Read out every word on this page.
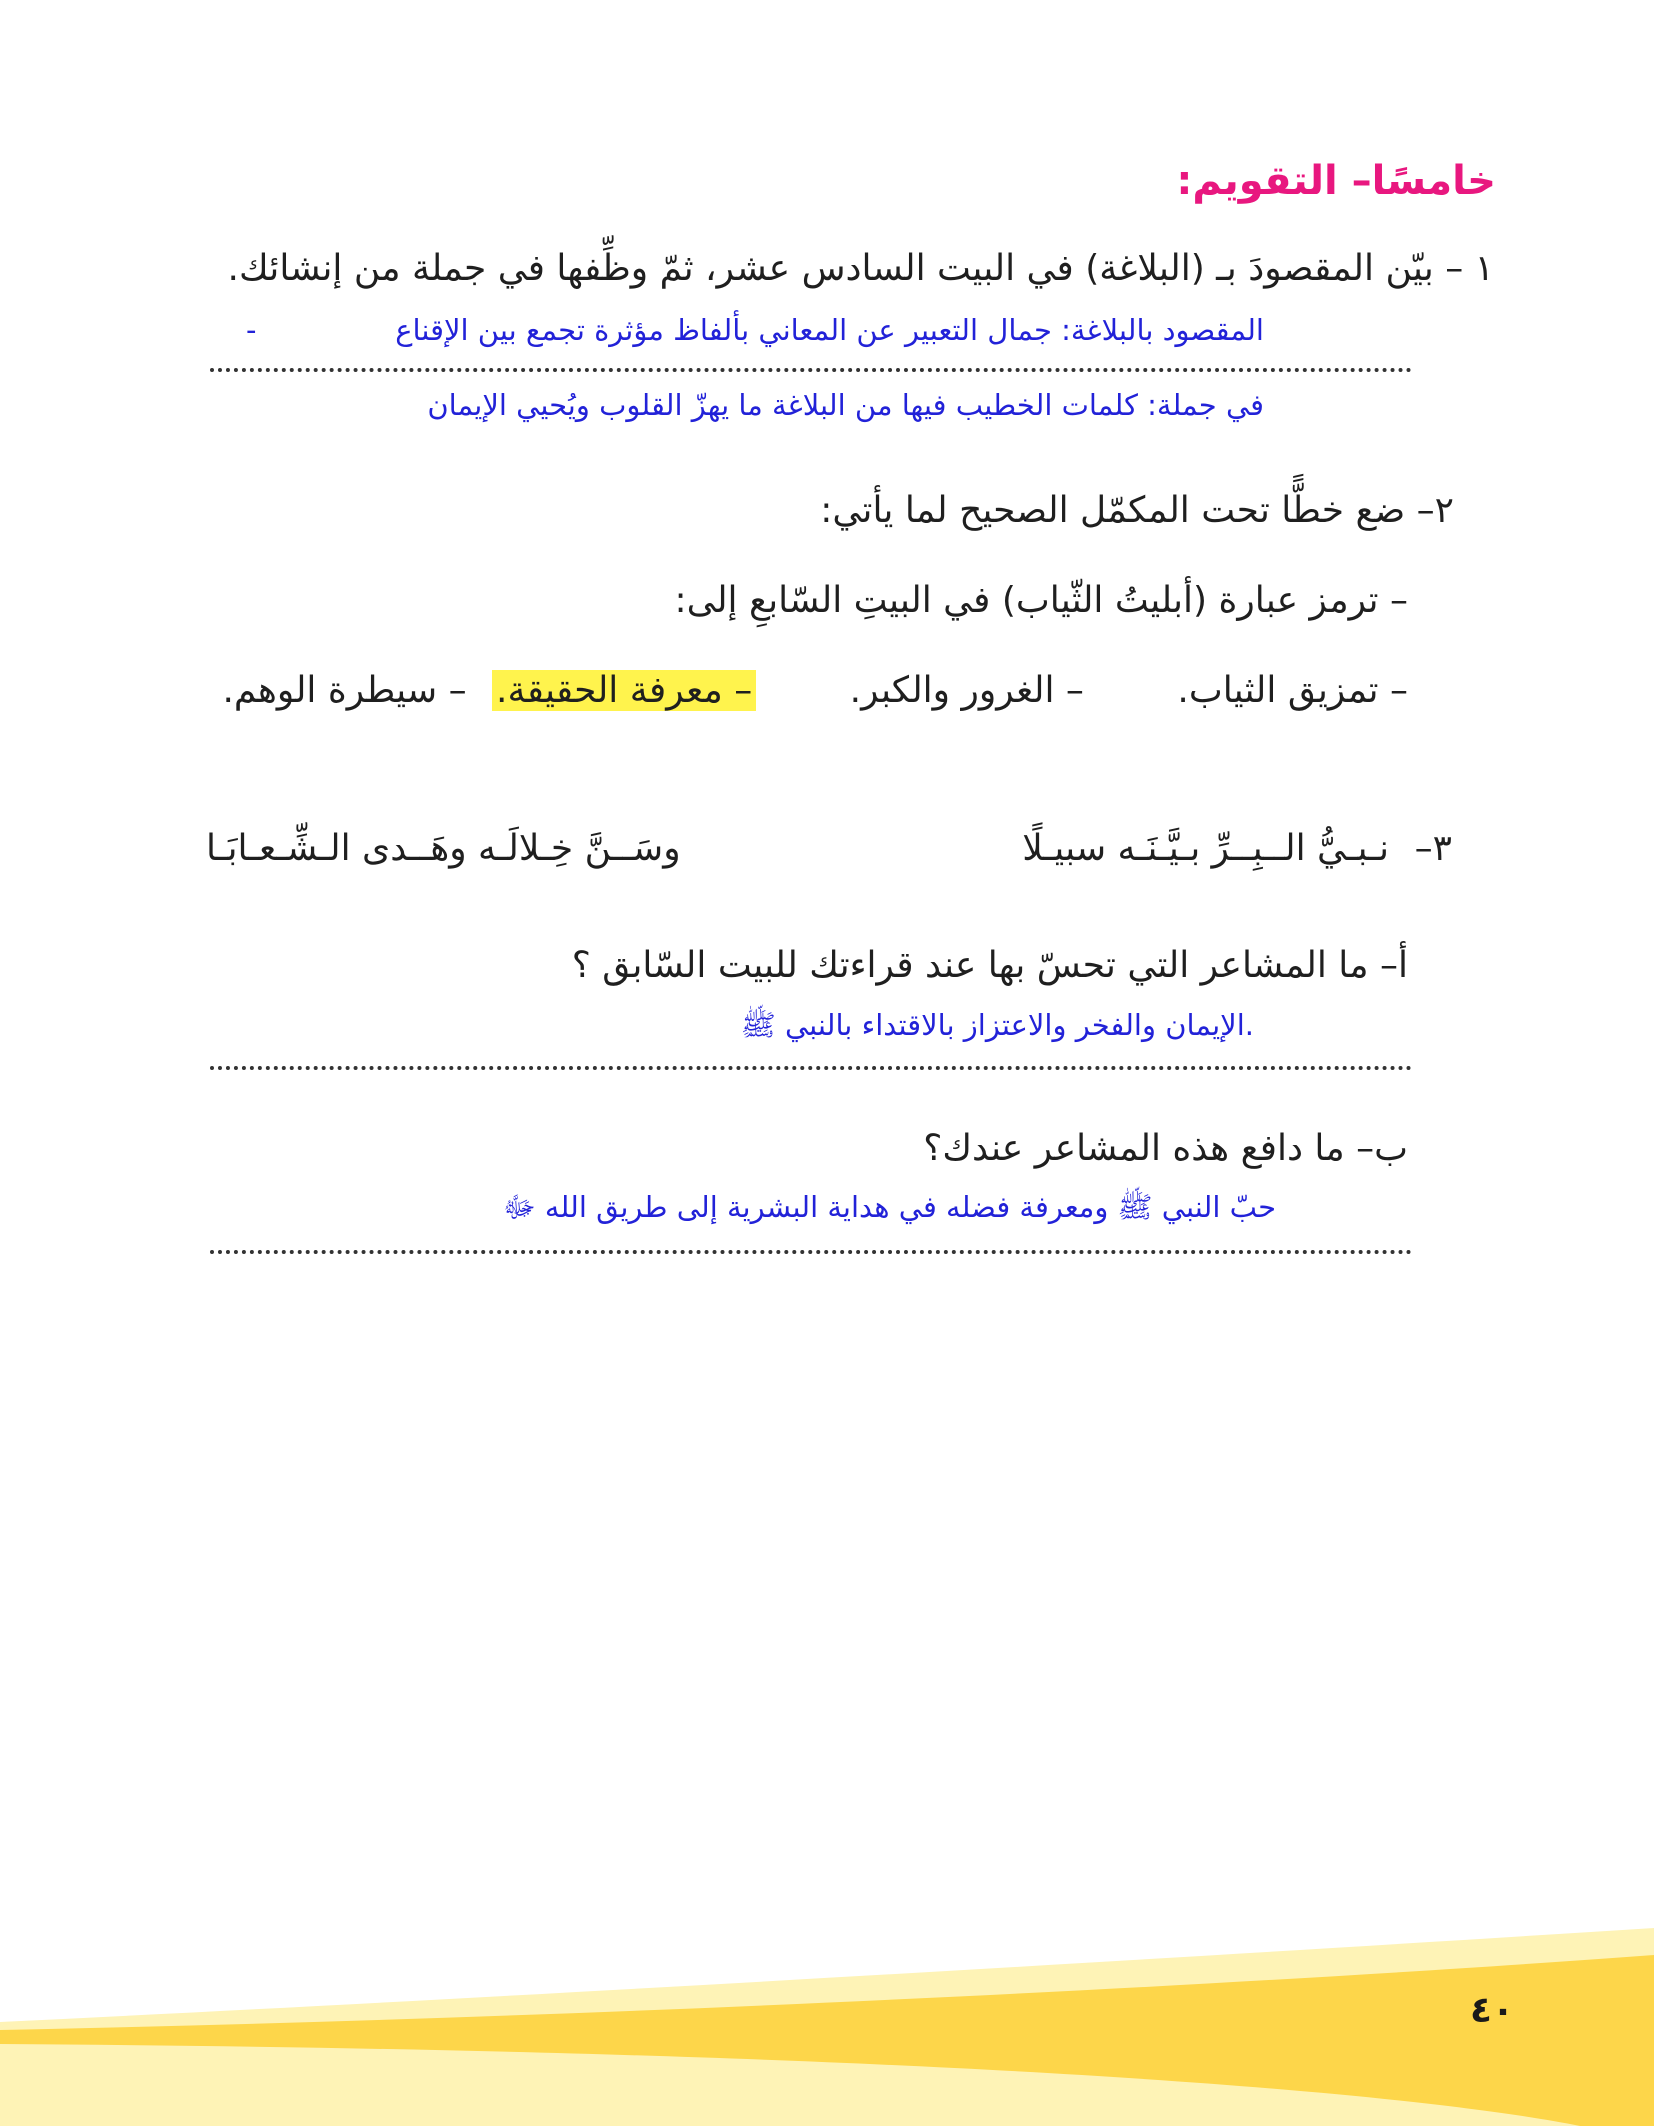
خامسًا– التقويم:
١ – بيّن المقصودَ بـ (البلاغة) في البيت السادس عشر، ثمّ وظِّفها في جملة من إنشائك.
المقصود بالبلاغة: جمال التعبير عن المعاني بألفاظ مؤثرة تجمع بين الإقناع
-
في جملة: كلمات الخطيب فيها من البلاغة ما يهزّ القلوب ويُحيي الإيمان
٢– ضع خطًّا تحت المكمّل الصحيح لما يأتي:
– ترمز عبارة (أبليتُ الثّياب) في البيتِ السّابعِ إلى:
– تمزيق الثياب. – الغرور والكبر. – معرفة الحقيقة. – سيطرة الوهم.
٣–
نـبـيُّ الــبِــرِّ بـيَّـنَـه سبيـلًا
وسَــنَّ خِـلالَـه وهَــدى الـشِّـعـابَـا
أ– ما المشاعر التي تحسّ بها عند قراءتك للبيت السّابق ؟
.الإيمان والفخر والاعتزاز بالاقتداء بالنبي ﷺ
ب– ما دافع هذه المشاعر عندك؟
حبّ النبي ﷺ ومعرفة فضله في هداية البشرية إلى طريق الله ﷻ
٤٠
